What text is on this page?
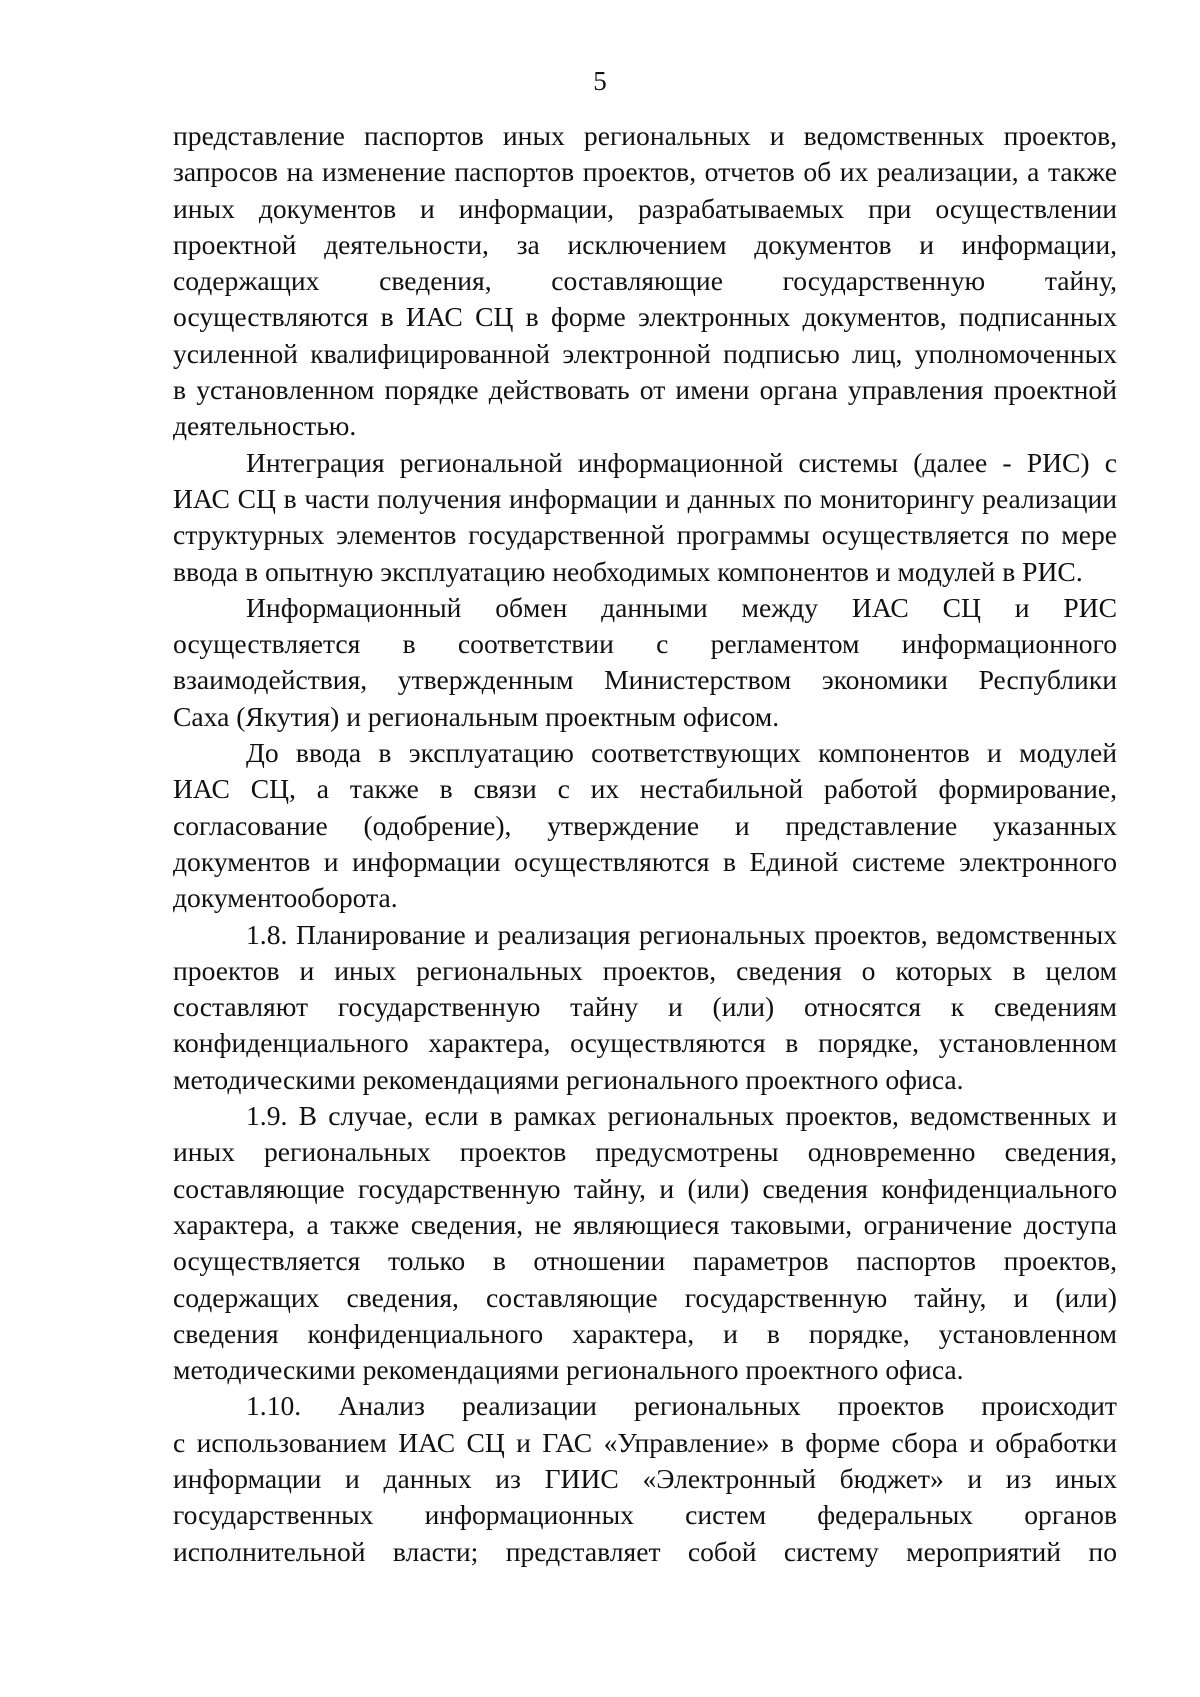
5
представление паспортов иных региональных и ведомственных проектов,
запросов на изменение паспортов проектов, отчетов об их реализации, а также
иных документов и информации, разрабатываемых при осуществлении
проектной деятельности, за исключением документов и информации,
содержащих сведения, составляющие государственную тайну,
осуществляются в ИАС СЦ в форме электронных документов, подписанных
усиленной квалифицированной электронной подписью лиц, уполномоченных
в установленном порядке действовать от имени органа управления проектной
деятельностью.
Интеграция региональной информационной системы (далее - РИС) с
ИАС СЦ в части получения информации и данных по мониторингу реализации
структурных элементов государственной программы осуществляется по мере
ввода в опытную эксплуатацию необходимых компонентов и модулей в РИС.
Информационный обмен данными между ИАС СЦ и РИС
осуществляется в соответствии с регламентом информационного
взаимодействия, утвержденным Министерством экономики Республики
Саха (Якутия) и региональным проектным офисом.
До ввода в эксплуатацию соответствующих компонентов и модулей
ИАС СЦ, а также в связи с их нестабильной работой формирование,
согласование (одобрение), утверждение и представление указанных
документов и информации осуществляются в Единой системе электронного
документооборота.
1.8. Планирование и реализация региональных проектов, ведомственных
проектов и иных региональных проектов, сведения о которых в целом
составляют государственную тайну и (или) относятся к сведениям
конфиденциального характера, осуществляются в порядке, установленном
методическими рекомендациями регионального проектного офиса.
1.9. В случае, если в рамках региональных проектов, ведомственных и
иных региональных проектов предусмотрены одновременно сведения,
составляющие государственную тайну, и (или) сведения конфиденциального
характера, а также сведения, не являющиеся таковыми, ограничение доступа
осуществляется только в отношении параметров паспортов проектов,
содержащих сведения, составляющие государственную тайну, и (или)
сведения конфиденциального характера, и в порядке, установленном
методическими рекомендациями регионального проектного офиса.
1.10. Анализ реализации региональных проектов происходит
с использованием ИАС СЦ и ГАС «Управление» в форме сбора и обработки
информации и данных из ГИИС «Электронный бюджет» и из иных
государственных информационных систем федеральных органов
исполнительной власти; представляет собой систему мероприятий по
